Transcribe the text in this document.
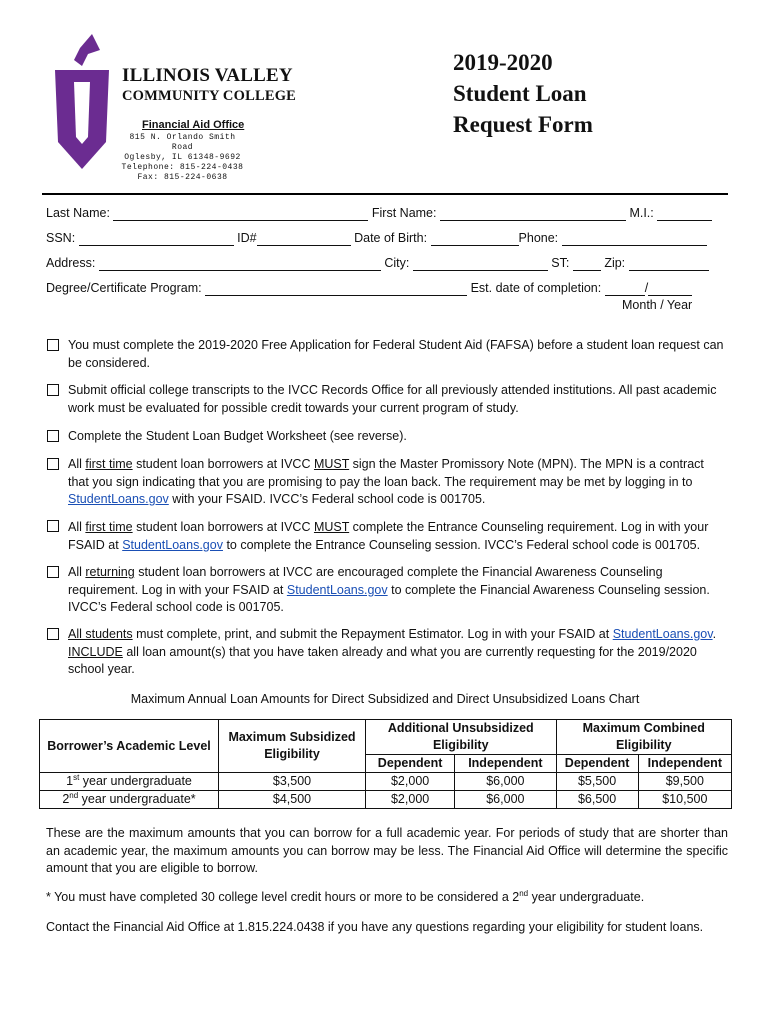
ILLINOIS VALLEY
COMMUNITY COLLEGE
Financial Aid Office
815 N. Orlando Smith Road
Oglesby, IL 61348-9692
Telephone: 815-224-0438
Fax: 815-224-0638
2019-2020
Student Loan
Request Form
Last Name:	First Name:	M.I.:
SSN:	ID#	Date of Birth:	Phone:
Address:	City:	ST:	Zip:
Degree/Certificate Program:	Est. date of completion:	/
Month / Year
You must complete the 2019-2020 Free Application for Federal Student Aid (FAFSA) before a student loan request can be considered.
Submit official college transcripts to the IVCC Records Office for all previously attended institutions. All past academic work must be evaluated for possible credit towards your current program of study.
Complete the Student Loan Budget Worksheet (see reverse).
All first time student loan borrowers at IVCC MUST sign the Master Promissory Note (MPN). The MPN is a contract that you sign indicating that you are promising to pay the loan back. The requirement may be met by logging in to StudentLoans.gov with your FSAID. IVCC’s Federal school code is 001705.
All first time student loan borrowers at IVCC MUST complete the Entrance Counseling requirement. Log in with your FSAID at StudentLoans.gov to complete the Entrance Counseling session. IVCC’s Federal school code is 001705.
All returning student loan borrowers at IVCC are encouraged complete the Financial Awareness Counseling requirement. Log in with your FSAID at StudentLoans.gov to complete the Financial Awareness Counseling session. IVCC’s Federal school code is 001705.
All students must complete, print, and submit the Repayment Estimator. Log in with your FSAID at StudentLoans.gov. INCLUDE all loan amount(s) that you have taken already and what you are currently requesting for the 2019/2020 school year.
Maximum Annual Loan Amounts for Direct Subsidized and Direct Unsubsidized Loans Chart
Borrower’s Academic Level	Maximum Subsidized Eligibility	Additional Unsubsidized Eligibility		Maximum Combined Eligibility	
		Dependent	Independent	Dependent	Independent
1st year undergraduate	$3,500	$2,000	$6,000	$5,500	$9,500
2nd year undergraduate*	$4,500	$2,000	$6,000	$6,500	$10,500
These are the maximum amounts that you can borrow for a full academic year. For periods of study that are shorter than an academic year, the maximum amounts you can borrow may be less. The Financial Aid Office will determine the specific amount that you are eligible to borrow.
* You must have completed 30 college level credit hours or more to be considered a 2nd year undergraduate.
Contact the Financial Aid Office at 1.815.224.0438 if you have any questions regarding your eligibility for student loans.
